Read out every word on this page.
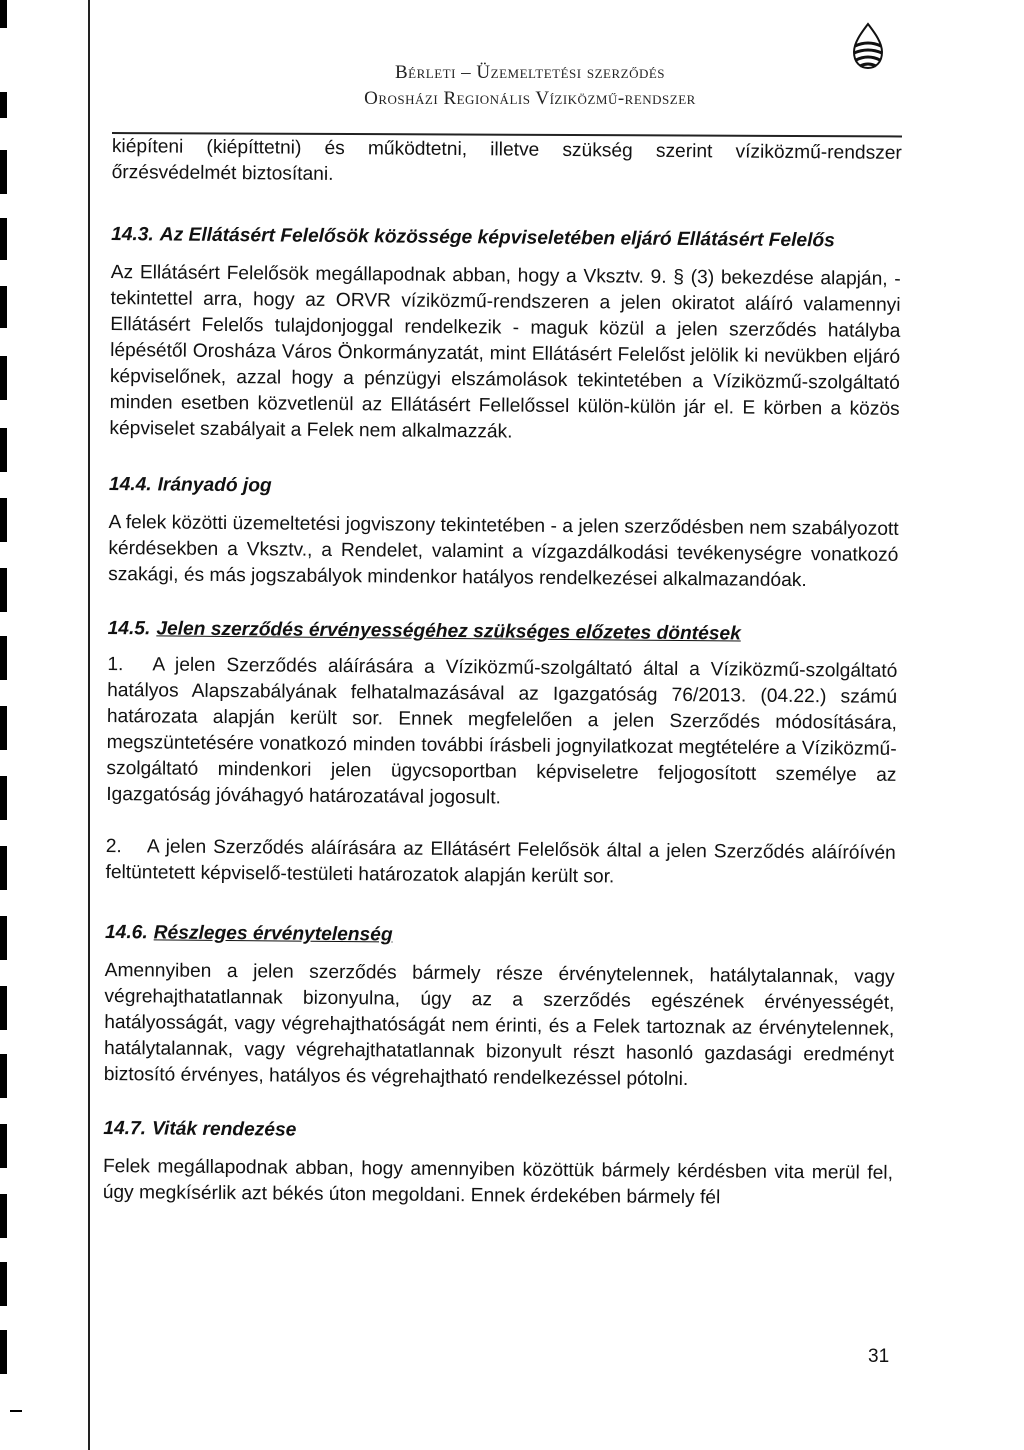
Bérleti – Üzemeltetési szerződés
Orosházi Regionális Víziközmű-rendszer

kiépíteni (kiépíttetni) és működtetni, illetve szükség szerint víziközmű-rendszer őrzésvédelmét biztosítani.

14.3. Az Ellátásért Felelősök közössége képviseletében eljáró Ellátásért Felelős

Az Ellátásért Felelősök megállapodnak abban, hogy a Vksztv. 9. § (3) bekezdése alapján, - tekintettel arra, hogy az ORVR víziközmű-rendszeren a jelen okiratot aláíró valamennyi Ellátásért Felelős tulajdonjoggal rendelkezik - maguk közül a jelen szerződés hatályba lépésétől Orosháza Város Önkormányzatát, mint Ellátásért Felelőst jelölik ki nevükben eljáró képviselőnek, azzal hogy a pénzügyi elszámolások tekintetében a Víziközmű-szolgáltató minden esetben közvetlenül az Ellátásért Fellelőssel külön-külön jár el. E körben a közös képviselet szabályait a Felek nem alkalmazzák.

14.4. Irányadó jog

A felek közötti üzemeltetési jogviszony tekintetében - a jelen szerződésben nem szabályozott kérdésekben a Vksztv., a Rendelet, valamint a vízgazdálkodási tevékenységre vonatkozó szakági, és más jogszabályok mindenkor hatályos rendelkezései alkalmazandóak.

14.5. Jelen szerződés érvényességéhez szükséges előzetes döntések

1.  A jelen Szerződés aláírására a Víziközmű-szolgáltató által a Víziközmű-szolgáltató hatályos Alapszabályának felhatalmazásával az Igazgatóság 76/2013. (04.22.) számú határozata alapján került sor. Ennek megfelelően a jelen Szerződés módosítására, megszüntetésére vonatkozó minden további írásbeli jognyilatkozat megtételére a Víziközmű-szolgáltató mindenkori jelen ügycsoportban képviseletre feljogosított személye az Igazgatóság jóváhagyó határozatával jogosult.

2.  A jelen Szerződés aláírására az Ellátásért Felelősök által a jelen Szerződés aláíróívén feltüntetett képviselő-testületi határozatok alapján került sor.

14.6. Részleges érvénytelenség

Amennyiben a jelen szerződés bármely része érvénytelennek, hatálytalannak, vagy végrehajthatatlannak bizonyulna, úgy az a szerződés egészének érvényességét, hatályosságát, vagy végrehajthatóságát nem érinti, és a Felek tartoznak az érvénytelennek, hatálytalannak, vagy végrehajthatatlannak bizonyult részt hasonló gazdasági eredményt biztosító érvényes, hatályos és végrehajtható rendelkezéssel pótolni.

14.7. Viták rendezése

Felek megállapodnak abban, hogy amennyiben közöttük bármely kérdésben vita merül fel, úgy megkísérlik azt békés úton megoldani. Ennek érdekében bármely fél

31
